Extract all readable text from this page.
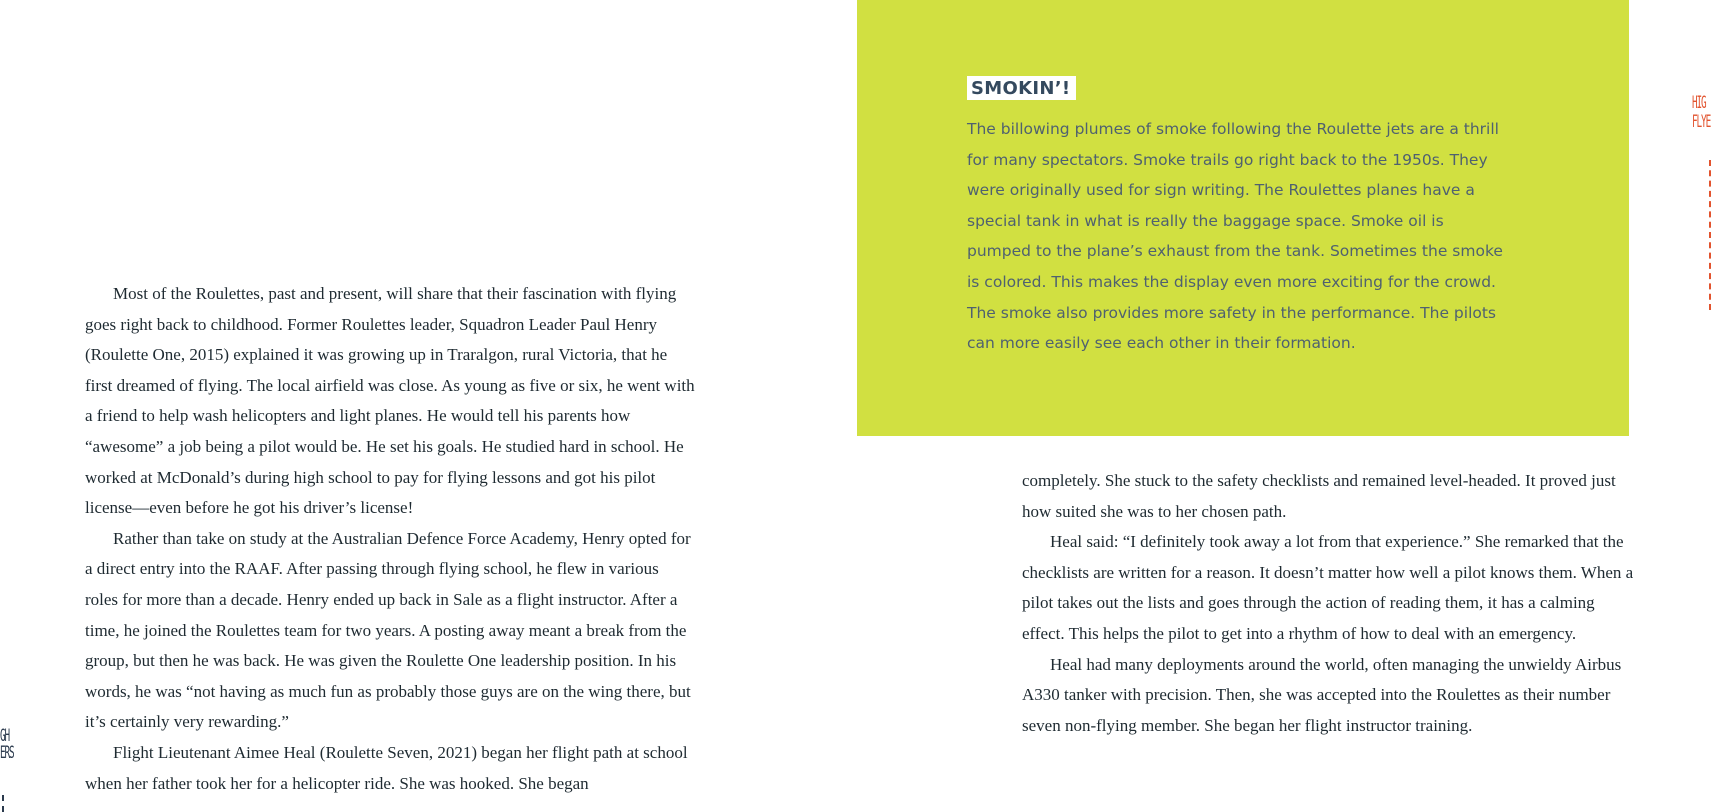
Most of the Roulettes, past and present, will share that their fascination with flying goes right back to childhood. Former Roulettes leader, Squadron Leader Paul Henry (Roulette One, 2015) explained it was growing up in Traralgon, rural Victoria, that he first dreamed of flying. The local airfield was close. As young as five or six, he went with a friend to help wash helicopters and light planes. He would tell his parents how “awesome” a job being a pilot would be. He set his goals. He studied hard in school. He worked at McDonald’s during high school to pay for flying lessons and got his pilot license—even before he got his driver’s license!

Rather than take on study at the Australian Defence Force Academy, Henry opted for a direct entry into the RAAF. After passing through flying school, he flew in various roles for more than a decade. Henry ended up back in Sale as a flight instructor. After a time, he joined the Roulettes team for two years. A posting away meant a break from the group, but then he was back. He was given the Roulette One leadership position. In his words, he was “not having as much fun as probably those guys are on the wing there, but it’s certainly very rewarding.”

Flight Lieutenant Aimee Heal (Roulette Seven, 2021) began her flight path at school when her father took her for a helicopter ride. She was hooked. She began

SMOKIN’!
The billowing plumes of smoke following the Roulette jets are a thrill for many spectators. Smoke trails go right back to the 1950s. They were originally used for sign writing. The Roulettes planes have a special tank in what is really the baggage space. Smoke oil is pumped to the plane’s exhaust from the tank. Sometimes the smoke is colored. This makes the display even more exciting for the crowd. The smoke also provides more safety in the performance. The pilots can more easily see each other in their formation.

completely. She stuck to the safety checklists and remained level-headed. It proved just how suited she was to her chosen path.

Heal said: “I definitely took away a lot from that experience.” She remarked that the checklists are written for a reason. It doesn’t matter how well a pilot knows them. When a pilot takes out the lists and goes through the action of reading them, it has a calming effect. This helps the pilot to get into a rhythm of how to deal with an emergency.

Heal had many deployments around the world, often managing the unwieldy Airbus A330 tanker with precision. Then, she was accepted into the Roulettes as their number seven non-flying member. She began her flight instructor training.

GH
ERS
HIG
FLYE
